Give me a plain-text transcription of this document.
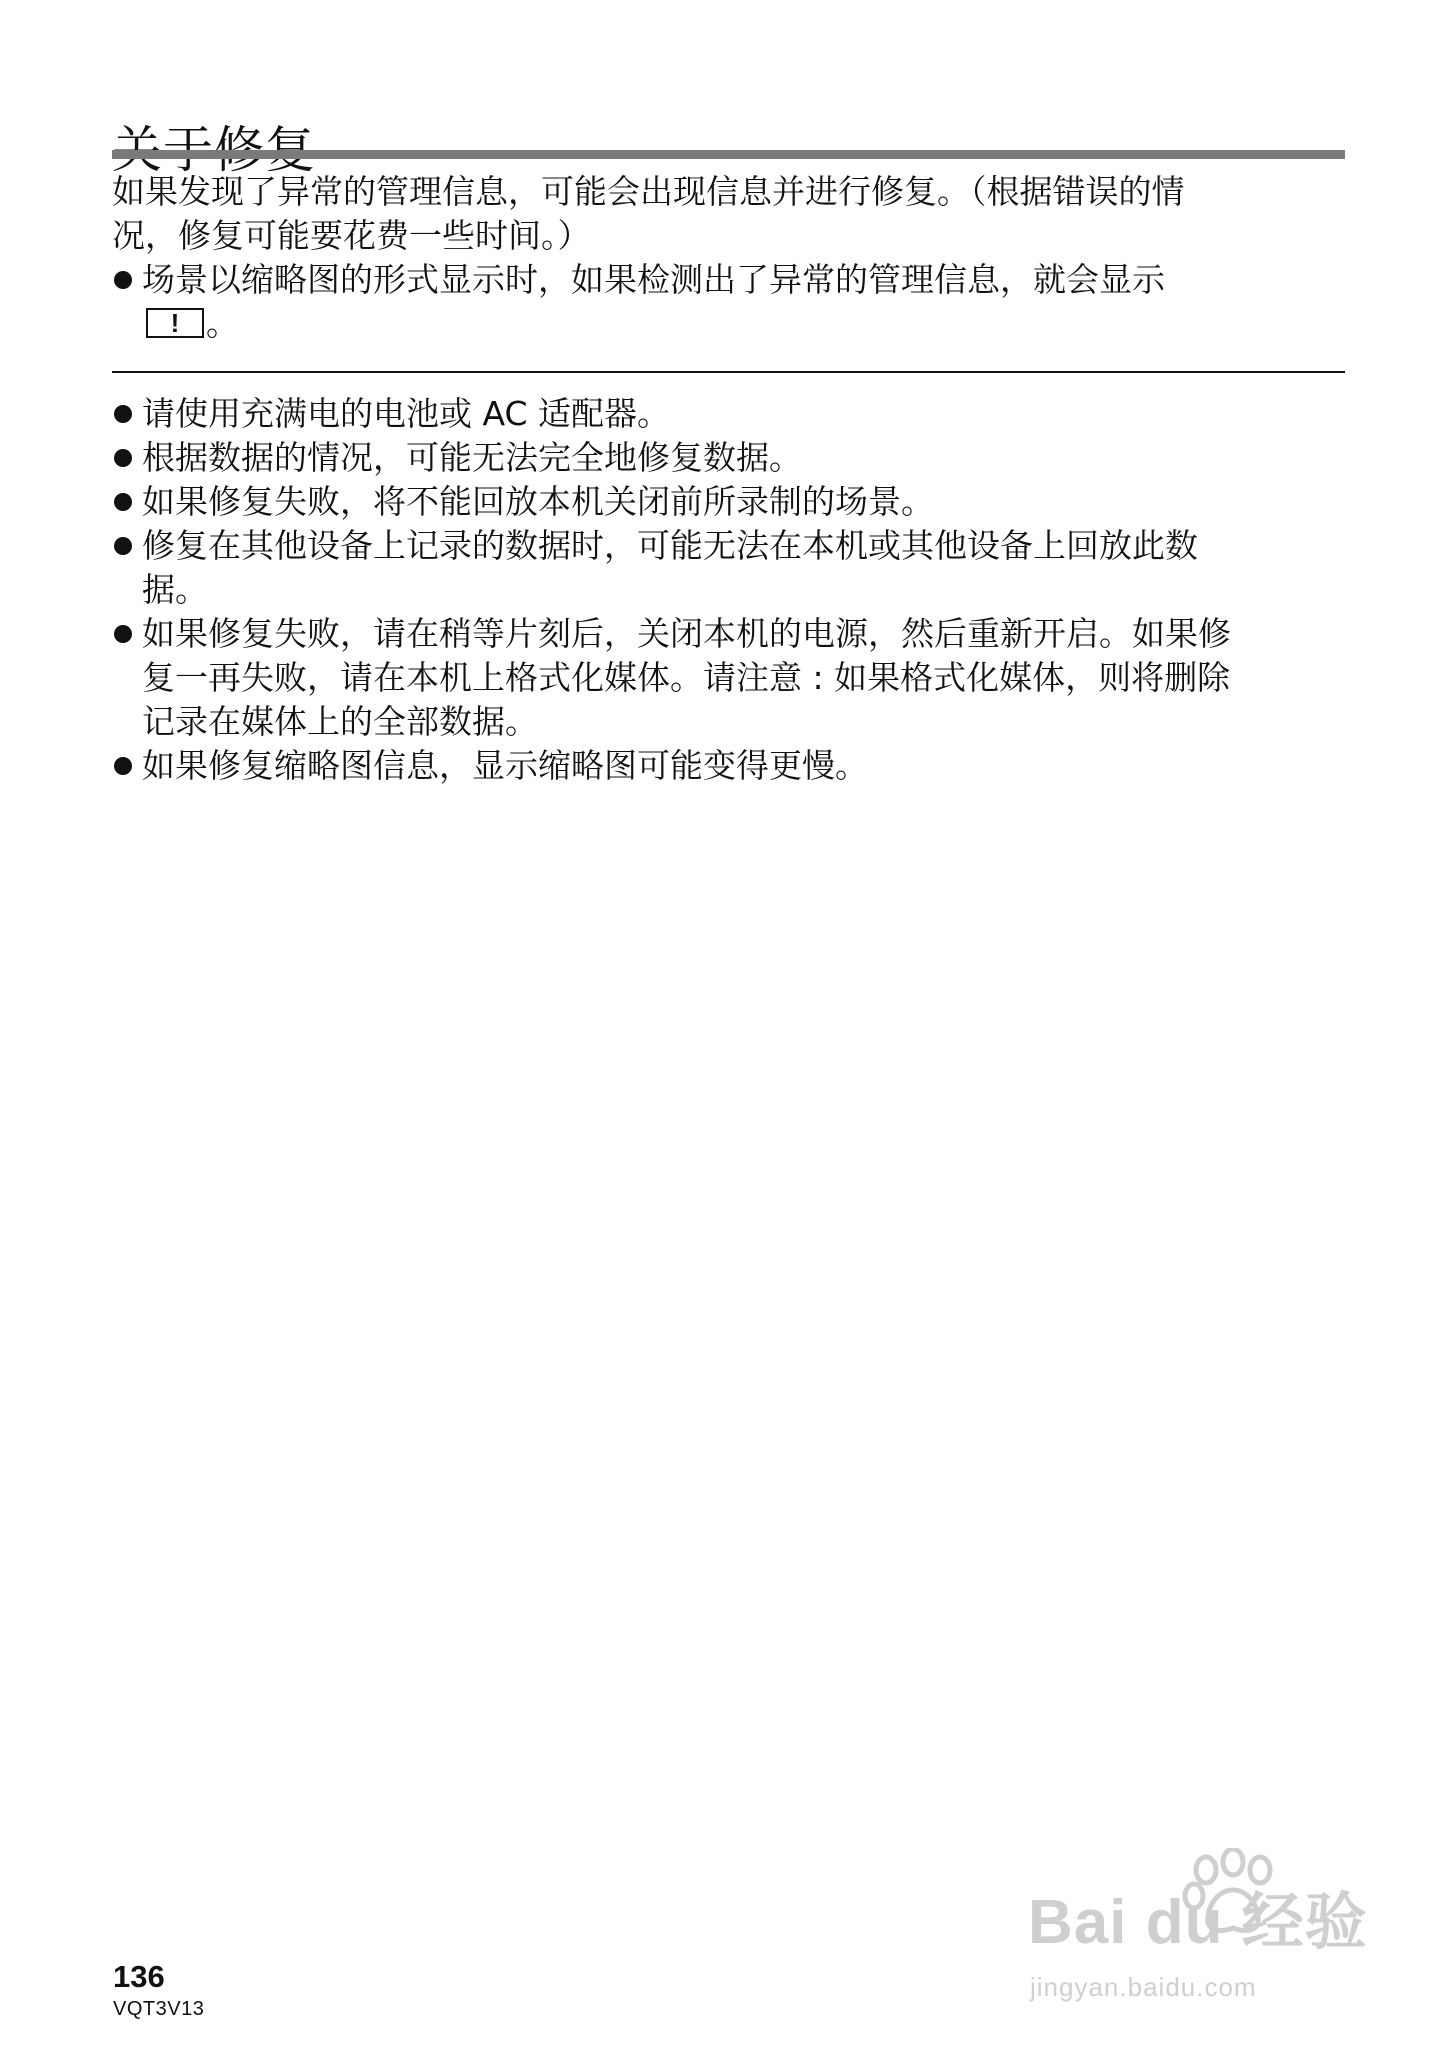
如果发现了异常的管理信息，可能会出现信息并进行修复。（根据错误的情
况，修复可能要花费一些时间。）
场景以缩略图的形式显示时，如果检测出了异常的管理信息，就会显示
! 。
请使用充满电的电池或 AC 适配器。
根据数据的情况，可能无法完全地修复数据。
如果修复失败，将不能回放本机关闭前所录制的场景。
修复在其他设备上记录的数据时，可能无法在本机或其他设备上回放此数
据。
如果修复失败，请在稍等片刻后，关闭本机的电源，然后重新开启。如果修
复一再失败，请在本机上格式化媒体。请注意 : 如果格式化媒体，则将删除
记录在媒体上的全部数据。
如果修复缩略图信息，显示缩略图可能变得更慢。
136
VQT3V13
Bai du 经验
jingyan.baidu.com
